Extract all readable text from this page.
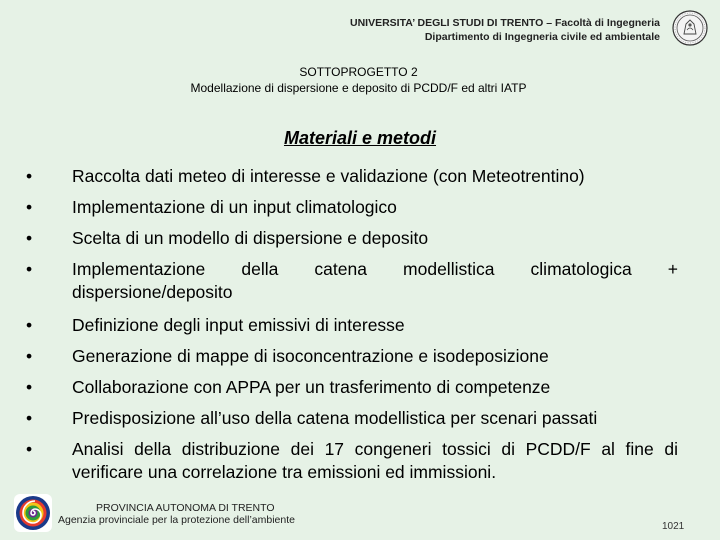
UNIVERSITA’ DEGLI STUDI DI TRENTO – Facoltà di Ingegneria
Dipartimento di Ingegneria civile ed ambientale
SOTTOPROGETTO 2
Modellazione di dispersione e deposito di PCDD/F ed altri IATP
Materiali e metodi
•	Raccolta dati meteo di interesse e validazione (con Meteotrentino)
•	Implementazione di un input climatologico
•	Scelta di un modello di dispersione e deposito
•	Implementazione della catena modellistica climatologica + dispersione/deposito
•	Definizione degli input emissivi di interesse
•	Generazione di mappe di isoconcentrazione e isodeposizione
•	Collaborazione con APPA per un trasferimento di competenze
•	Predisposizione all’uso della catena modellistica per scenari passati
•	Analisi della distribuzione dei 17 congeneri tossici di PCDD/F al fine di verificare una correlazione tra emissioni ed immissioni.
PROVINCIA AUTONOMA DI TRENTO
Agenzia provinciale per la protezione dell’ambiente
1021
